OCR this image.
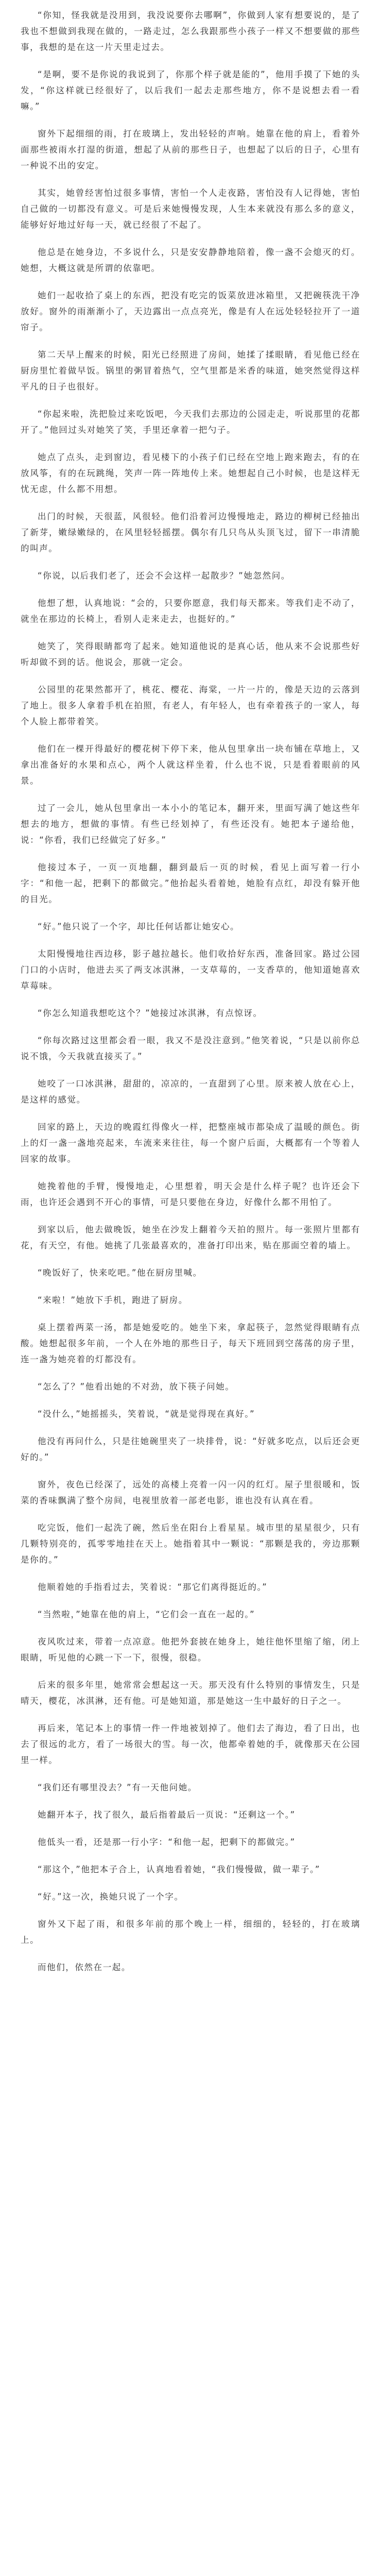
“你知，怪我就是没用到，我没说要你去哪啊”，你做到人家有想要说的，是了我也不想做到我现在做的，一路走过，怎么我跟那些小孩子一样又不想要做的那些事，我想的是在这一片天里走过去。

“是啊，要不是你说的我说到了，你那个样子就是能的”，他用手摸了下她的头发，“你这样就已经很好了，以后我们一起去走那些地方，你不是说想去看一看嘛。”

窗外下起细细的雨，打在玻璃上，发出轻轻的声响。她靠在他的肩上，看着外面那些被雨水打湿的街道，想起了从前的那些日子，也想起了以后的日子，心里有一种说不出的安定。

其实，她曾经害怕过很多事情，害怕一个人走夜路，害怕没有人记得她，害怕自己做的一切都没有意义。可是后来她慢慢发现，人生本来就没有那么多的意义，能够好好地过好每一天，就已经很了不起了。

他总是在她身边，不多说什么，只是安安静静地陪着，像一盏不会熄灭的灯。她想，大概这就是所谓的依靠吧。

她们一起收拾了桌上的东西，把没有吃完的饭菜放进冰箱里，又把碗筷洗干净放好。窗外的雨渐渐小了，天边露出一点点亮光，像是有人在远处轻轻拉开了一道帘子。

第二天早上醒来的时候，阳光已经照进了房间，她揉了揉眼睛，看见他已经在厨房里忙着做早饭。锅里的粥冒着热气，空气里都是米香的味道，她突然觉得这样平凡的日子也很好。

“你起来啦，洗把脸过来吃饭吧，今天我们去那边的公园走走，听说那里的花都开了。”他回过头对她笑了笑，手里还拿着一把勺子。

她点了点头，走到窗边，看见楼下的小孩子们已经在空地上跑来跑去，有的在放风筝，有的在玩跳绳，笑声一阵一阵地传上来。她想起自己小时候，也是这样无忧无虑，什么都不用想。

出门的时候，天很蓝，风很轻。他们沿着河边慢慢地走，路边的柳树已经抽出了新芽，嫩绿嫩绿的，在风里轻轻摇摆。偶尔有几只鸟从头顶飞过，留下一串清脆的叫声。

“你说，以后我们老了，还会不会这样一起散步？”她忽然问。

他想了想，认真地说：“会的，只要你愿意，我们每天都来。等我们走不动了，就坐在那边的长椅上，看别人走来走去，也挺好的。”

她笑了，笑得眼睛都弯了起来。她知道他说的是真心话，他从来不会说那些好听却做不到的话。他说会，那就一定会。

公园里的花果然都开了，桃花、樱花、海棠，一片一片的，像是天边的云落到了地上。很多人拿着手机在拍照，有老人，有年轻人，也有牵着孩子的一家人，每个人脸上都带着笑。

他们在一棵开得最好的樱花树下停下来，他从包里拿出一块布铺在草地上，又拿出准备好的水果和点心，两个人就这样坐着，什么也不说，只是看着眼前的风景。

过了一会儿，她从包里拿出一本小小的笔记本，翻开来，里面写满了她这些年想去的地方，想做的事情。有些已经划掉了，有些还没有。她把本子递给他，说：“你看，我们已经做完了好多。”

他接过本子，一页一页地翻，翻到最后一页的时候，看见上面写着一行小字：“和他一起，把剩下的都做完。”他抬起头看着她，她脸有点红，却没有躲开他的目光。

“好。”他只说了一个字，却比任何话都让她安心。

太阳慢慢地往西边移，影子越拉越长。他们收拾好东西，准备回家。路过公园门口的小店时，他进去买了两支冰淇淋，一支草莓的，一支香草的，他知道她喜欢草莓味。

“你怎么知道我想吃这个？”她接过冰淇淋，有点惊讶。

“你每次路过这里都会看一眼，我又不是没注意到。”他笑着说，“只是以前你总说不饿，今天我就直接买了。”

她咬了一口冰淇淋，甜甜的，凉凉的，一直甜到了心里。原来被人放在心上，是这样的感觉。

回家的路上，天边的晚霞红得像火一样，把整座城市都染成了温暖的颜色。街上的灯一盏一盏地亮起来，车流来来往往，每一个窗户后面，大概都有一个等着人回家的故事。

她挽着他的手臂，慢慢地走，心里想着，明天会是什么样子呢？也许还会下雨，也许还会遇到不开心的事情，可是只要他在身边，好像什么都不用怕了。

到家以后，他去做晚饭，她坐在沙发上翻着今天拍的照片。每一张照片里都有花，有天空，有他。她挑了几张最喜欢的，准备打印出来，贴在那面空着的墙上。

“晚饭好了，快来吃吧。”他在厨房里喊。

“来啦！”她放下手机，跑进了厨房。

桌上摆着两菜一汤，都是她爱吃的。她坐下来，拿起筷子，忽然觉得眼睛有点酸。她想起很多年前，一个人在外地的那些日子，每天下班回到空荡荡的房子里，连一盏为她亮着的灯都没有。

“怎么了？”他看出她的不对劲，放下筷子问她。

“没什么，”她摇摇头，笑着说，“就是觉得现在真好。”

他没有再问什么，只是往她碗里夹了一块排骨，说：“好就多吃点，以后还会更好的。”

窗外，夜色已经深了，远处的高楼上亮着一闪一闪的红灯。屋子里很暖和，饭菜的香味飘满了整个房间，电视里放着一部老电影，谁也没有认真在看。

吃完饭，他们一起洗了碗，然后坐在阳台上看星星。城市里的星星很少，只有几颗特别亮的，孤零零地挂在天上。她指着其中一颗说：“那颗是我的，旁边那颗是你的。”

他顺着她的手指看过去，笑着说：“那它们离得挺近的。”

“当然啦，”她靠在他的肩上，“它们会一直在一起的。”

夜风吹过来，带着一点凉意。他把外套披在她身上，她往他怀里缩了缩，闭上眼睛，听见他的心跳一下一下，很慢，很稳。

后来的很多年里，她常常会想起这一天。那天没有什么特别的事情发生，只是晴天，樱花，冰淇淋，还有他。可是她知道，那是她这一生中最好的日子之一。

再后来，笔记本上的事情一件一件地被划掉了。他们去了海边，看了日出，也去了很远的北方，看了一场很大的雪。每一次，他都牵着她的手，就像那天在公园里一样。

“我们还有哪里没去？”有一天他问她。

她翻开本子，找了很久，最后指着最后一页说：“还剩这一个。”

他低头一看，还是那一行小字：“和他一起，把剩下的都做完。”

“那这个，”他把本子合上，认真地看着她，“我们慢慢做，做一辈子。”

“好。”这一次，换她只说了一个字。

窗外又下起了雨，和很多年前的那个晚上一样，细细的，轻轻的，打在玻璃上。

而他们，依然在一起。
